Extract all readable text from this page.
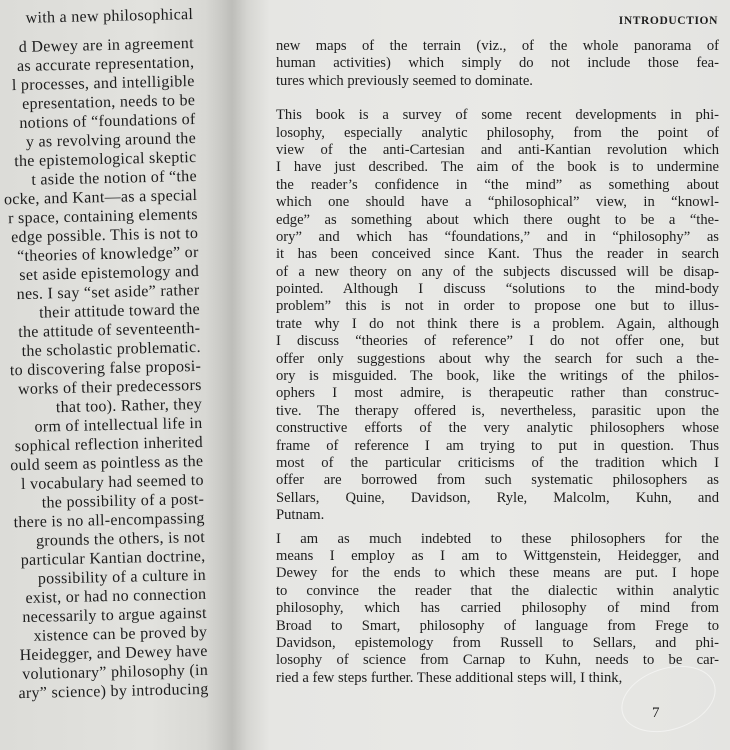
with a new philosophical
d Dewey are in agreement
as accurate representation,
l processes, and intelligible
epresentation, needs to be
notions of “foundations of
y as revolving around the
the epistemological skeptic
t aside the notion of “the
ocke, and Kant—as a special
r space, containing elements
edge possible. This is not to
“theories of knowledge” or
set aside epistemology and
nes. I say “set aside” rather
their attitude toward the
the attitude of seventeenth-
the scholastic problematic.
to discovering false proposi-
works of their predecessors
that too). Rather, they
orm of intellectual life in
sophical reflection inherited
ould seem as pointless as the
l vocabulary had seemed to
the possibility of a post-
there is no all-encompassing
grounds the others, is not
particular Kantian doctrine,
possibility of a culture in
exist, or had no connection
necessarily to argue against
xistence can be proved by
Heidegger, and Dewey have
volutionary” philosophy (in
ary” science) by introducing
INTRODUCTION
new maps of the terrain (viz., of the whole panorama of
human activities) which simply do not include those fea-
tures which previously seemed to dominate.
This book is a survey of some recent developments in phi-
losophy, especially analytic philosophy, from the point of
view of the anti-Cartesian and anti-Kantian revolution which
I have just described. The aim of the book is to undermine
the reader’s confidence in “the mind” as something about
which one should have a “philosophical” view, in “knowl-
edge” as something about which there ought to be a “the-
ory” and which has “foundations,” and in “philosophy” as
it has been conceived since Kant. Thus the reader in search
of a new theory on any of the subjects discussed will be disap-
pointed. Although I discuss “solutions to the mind-body
problem” this is not in order to propose one but to illus-
trate why I do not think there is a problem. Again, although
I discuss “theories of reference” I do not offer one, but
offer only suggestions about why the search for such a the-
ory is misguided. The book, like the writings of the philos-
ophers I most admire, is therapeutic rather than construc-
tive. The therapy offered is, nevertheless, parasitic upon the
constructive efforts of the very analytic philosophers whose
frame of reference I am trying to put in question. Thus
most of the particular criticisms of the tradition which I
offer are borrowed from such systematic philosophers as
Sellars, Quine, Davidson, Ryle, Malcolm, Kuhn, and
Putnam.
I am as much indebted to these philosophers for the
means I employ as I am to Wittgenstein, Heidegger, and
Dewey for the ends to which these means are put. I hope
to convince the reader that the dialectic within analytic
philosophy, which has carried philosophy of mind from
Broad to Smart, philosophy of language from Frege to
Davidson, epistemology from Russell to Sellars, and phi-
losophy of science from Carnap to Kuhn, needs to be car-
ried a few steps further. These additional steps will, I think,
7
